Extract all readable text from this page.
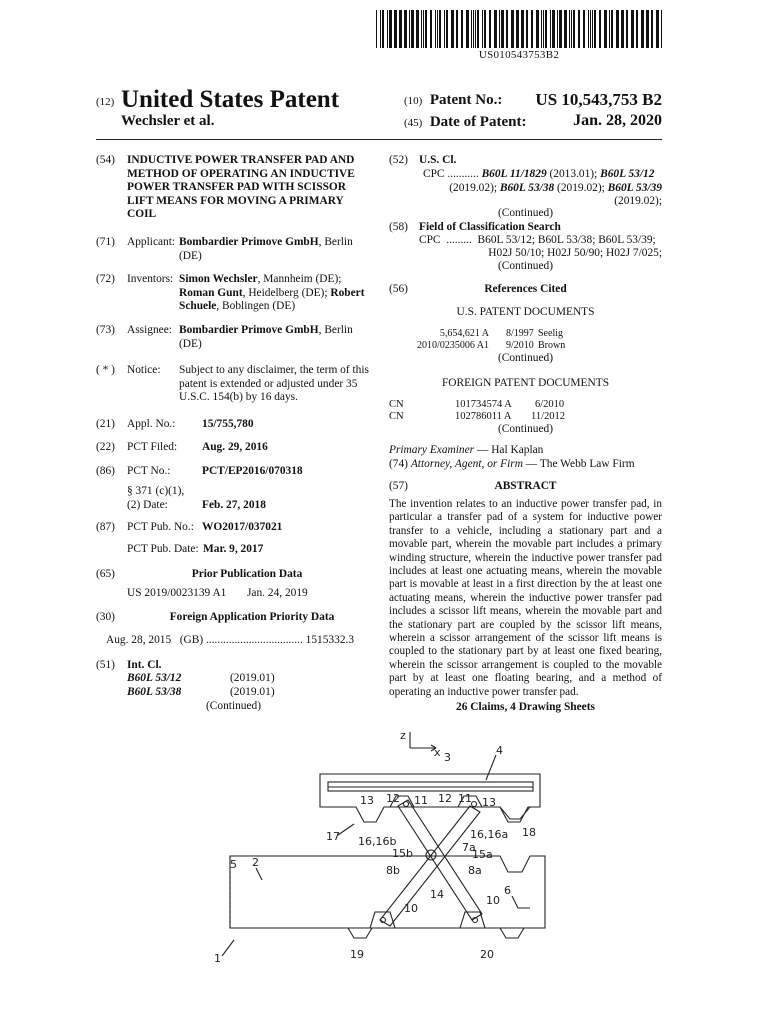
US010543753B2
(12) United States Patent
Wechsler et al.
(10) Patent No.:	US 10,543,753 B2
(45) Date of Patent:	Jan. 28, 2020
(54) INDUCTIVE POWER TRANSFER PAD AND
METHOD OF OPERATING AN INDUCTIVE
POWER TRANSFER PAD WITH SCISSOR
LIFT MEANS FOR MOVING A PRIMARY
COIL
(71) Applicant: Bombardier Primove GmbH, Berlin
(DE)
(72) Inventors: Simon Wechsler, Mannheim (DE);
Roman Gunt, Heidelberg (DE); Robert
Schuele, Boblingen (DE)
(73) Assignee: Bombardier Primove GmbH, Berlin
(DE)
( * ) Notice: Subject to any disclaimer, the term of this
patent is extended or adjusted under 35
U.S.C. 154(b) by 16 days.
(21) Appl. No.: 15/755,780
(22) PCT Filed: Aug. 29, 2016
(86) PCT No.:	PCT/EP2016/070318
§ 371 (c)(1),
(2) Date:	Feb. 27, 2018
(87) PCT Pub. No.: WO2017/037021
PCT Pub. Date: Mar. 9, 2017
(65)	Prior Publication Data
US 2019/0023139 A1 Jan. 24, 2019
(30)	Foreign Application Priority Data
Aug. 28, 2015   (GB) .................................. 1515332.3
(51) Int. Cl.
B60L 53/12	(2019.01)
B60L 53/38	(2019.01)
(Continued)
(52) U.S. Cl.
CPC ........... B60L 11/1829 (2013.01); B60L 53/12
(2019.02); B60L 53/38 (2019.02); B60L 53/39
(2019.02);
(Continued)
(58) Field of Classification Search
CPC  .........  B60L 53/12; B60L 53/38; B60L 53/39;
H02J 50/10; H02J 50/90; H02J 7/025;
(Continued)
(56)	References Cited
U.S. PATENT DOCUMENTS
5,654,621 A 8/1997 Seelig
2010/0235006 A1 9/2010 Brown
(Continued)
FOREIGN PATENT DOCUMENTS
CN	101734574 A 6/2010
CN	102786011 A 11/2012
(Continued)
Primary Examiner — Hal Kaplan
(74) Attorney, Agent, or Firm — The Webb Law Firm
(57)	ABSTRACT
The invention relates to an inductive power transfer pad, in particular a transfer pad of a system for inductive power transfer to a vehicle, including a stationary part and a movable part, wherein the movable part includes a primary winding structure, wherein the inductive power transfer pad includes at least one actuating means, wherein the movable part is movable at least in a first direction by the at least one actuating means, wherein the inductive power transfer pad includes a scissor lift means, wherein the movable part and the stationary part are coupled by the scissor lift means, wherein a scissor arrangement of the scissor lift means is coupled to the stationary part by at least one fixed bearing, wherein the scissor arrangement is coupled to the movable part by at least one floating bearing, and a method of operating an inductive power transfer pad.
26 Claims, 4 Drawing Sheets
z
x 3
4
13 12 11 12 11 13
17 16,16b
16,16a 18
7a
15b	15a
5 2
8b	8a
14
10
10
6
1	19	20
